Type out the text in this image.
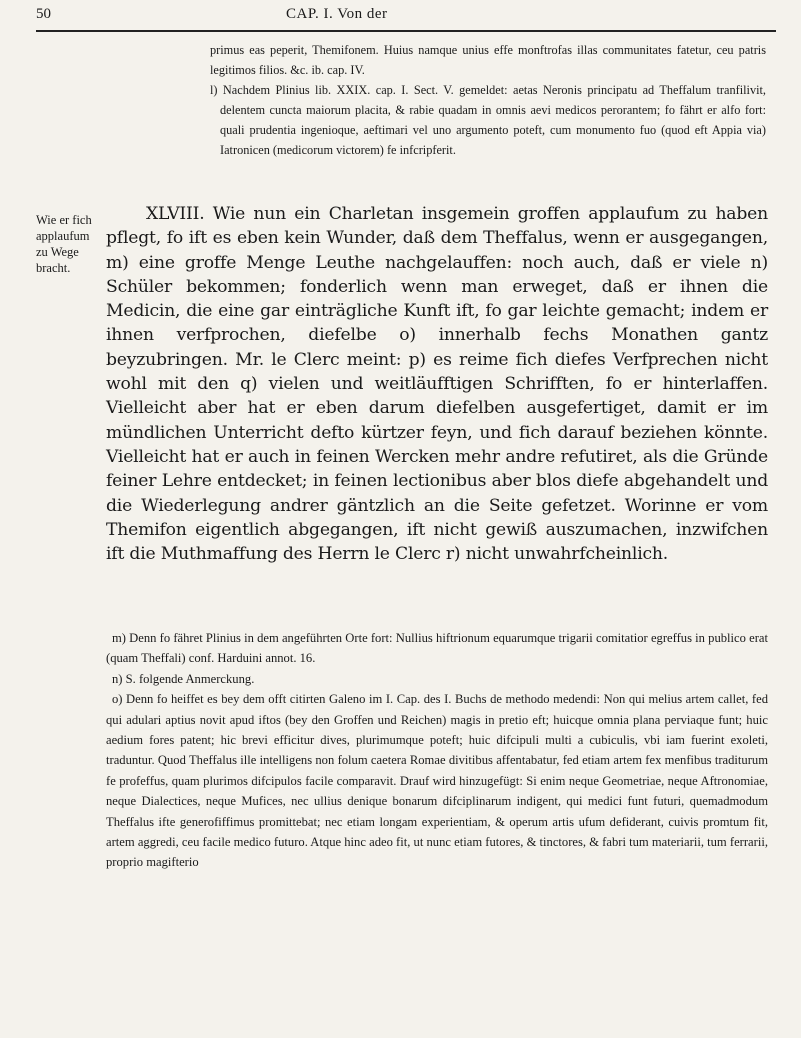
50	CAP. I. Von der

primus eas peperit, Themifonem. Huius namque unius effe monftrofas illas communitates fatetur, ceu patris legitimos filios. &c. ib. cap. IV.

l) Nachdem Plinius lib. XXIX. cap. I. Sect. V. gemeldet: aetas Neronis principatu ad Theffalum tranfilivit, delentem cuncta maiorum placita, & rabie quadam in omnis aevi medicos perorantem; fo fährt er alfo fort: quali prudentia ingenioque, aeftimari vel uno argumento poteft, cum monumento fuo (quod eft Appia via) Iatronicen (medicorum victorem) fe infcripferit.

Wie er fich applaufum zu Wege bracht.

XLVIII. Wie nun ein Charletan insgemein groffen applaufum zu haben pflegt, fo ift es eben kein Wunder, daß dem Theffalus, wenn er ausgegangen, m) eine groffe Menge Leuthe nachgelauffen: noch auch, daß er viele n) Schüler bekommen; fonderlich wenn man erweget, daß er ihnen die Medicin, die eine gar einträgliche Kunft ift, fo gar leichte gemacht; indem er ihnen verfprochen, diefelbe o) innerhalb fechs Monathen gantz beyzubringen. Mr. le Clerc meint: p) es reime fich diefes Verfprechen nicht wohl mit den q) vielen und weitläufftigen Schrifften, fo er hinterlaffen. Vielleicht aber hat er eben darum diefelben ausgefertiget, damit er im mündlichen Unterricht defto kürtzer feyn, und fich darauf beziehen könnte. Vielleicht hat er auch in feinen Wercken mehr andre refutiret, als die Gründe feiner Lehre entdecket; in feinen lectionibus aber blos diefe abgehandelt und die Wiederlegung andrer gäntzlich an die Seite gefetzet. Worinne er vom Themifon eigentlich abgegangen, ift nicht gewiß auszumachen, inzwifchen ift die Muthmaffung des Herrn le Clerc r) nicht unwahrfcheinlich.

m) Denn fo fähret Plinius in dem angeführten Orte fort: Nullius hiftrionum equarumque trigarii comitatior egreffus in publico erat (quam Theffali) conf. Harduini annot. 16.

n) S. folgende Anmerckung.

o) Denn fo heiffet es bey dem offt citirten Galeno im I. Cap. des I. Buchs de methodo medendi: Non qui melius artem callet, fed qui adulari aptius novit apud iftos (bey den Groffen und Reichen) magis in pretio eft; huicque omnia plana perviaque funt; huic aedium fores patent; hic brevi efficitur dives, plurimumque poteft; huic difcipuli multi a cubiculis, vbi iam fuerint exoleti, traduntur. Quod Theffalus ille intelligens non folum caetera Romae divitibus affentabatur, fed etiam artem fex menfibus traditurum fe profeffus, quam plurimos difcipulos facile comparavit. Drauf wird hinzugefügt: Si enim neque Geometriae, neque Aftronomiae, neque Dialectices, neque Mufices, nec ullius denique bonarum difciplinarum indigent, qui medici funt futuri, quemadmodum Theffalus ifte generofiffimus promittebat; nec etiam longam experientiam, & operum artis ufum defiderant, cuivis promtum fit, artem aggredi, ceu facile medico futuro. Atque hinc adeo fit, ut nunc etiam futores, & tinctores, & fabri tum materiarii, tum ferrarii, proprio magifterio
